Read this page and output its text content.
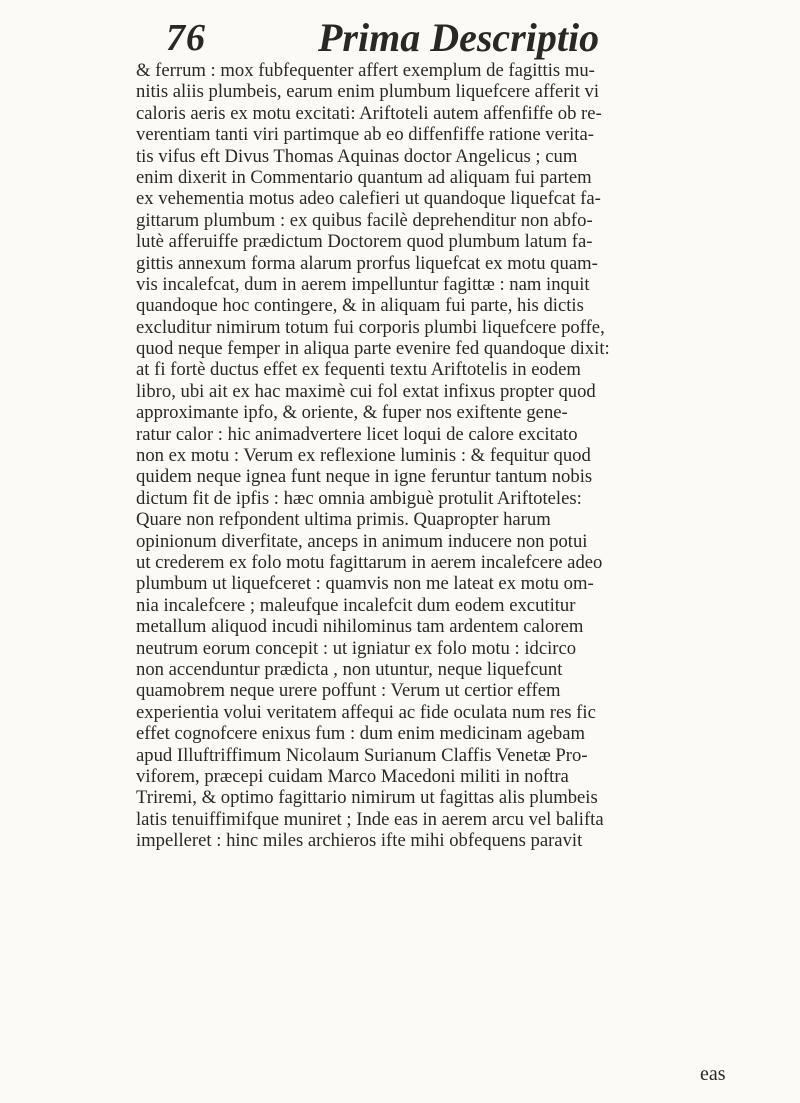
76	Prima Descriptio
& ferrum : mox fubfequenter affert exemplum de fagittis mu-
nitis aliis plumbeis, earum enim plumbum liquefcere afferit vi
caloris aeris ex motu excitati: Ariftoteli autem affenfiffe ob re-
verentiam tanti viri partimque ab eo diffenfiffe ratione verita-
tis vifus eft Divus Thomas Aquinas doctor Angelicus ; cum
enim dixerit in Commentario quantum ad aliquam fui partem
ex vehementia motus adeo calefieri ut quandoque liquefcat fa-
gittarum plumbum : ex quibus facilè deprehenditur non abfo-
lutè afferuiffe prædictum Doctorem quod plumbum latum fa-
gittis annexum forma alarum prorfus liquefcat ex motu quam-
vis incalefcat, dum in aerem impelluntur fagittæ : nam inquit
quandoque hoc contingere, & in aliquam fui parte, his dictis
excluditur nimirum totum fui corporis plumbi liquefcere poffe,
quod neque femper in aliqua parte evenire fed quandoque dixit:
at fi fortè ductus effet ex fequenti textu Ariftotelis in eodem
libro, ubi ait ex hac maximè cui fol extat infixus propter quod
approximante ipfo, & oriente, & fuper nos exiftente gene-
ratur calor : hic animadvertere licet loqui de calore excitato
non ex motu : Verum ex reflexione luminis : & fequitur quod
quidem neque ignea funt neque in igne feruntur tantum nobis
dictum fit de ipfis : hæc omnia ambiguè protulit Ariftoteles:
Quare non refpondent ultima primis. Quapropter harum
opinionum diverfitate, anceps in animum inducere non potui
ut crederem ex folo motu fagittarum in aerem incalefcere adeo
plumbum ut liquefceret : quamvis non me lateat ex motu om-
nia incalefcere ; maleufque incalefcit dum eodem excutitur
metallum aliquod incudi nihilominus tam ardentem calorem
neutrum eorum concepit : ut igniatur ex folo motu : idcirco
non accenduntur prædicta , non utuntur, neque liquefcunt
quamobrem neque urere poffunt : Verum ut certior effem
experientia volui veritatem affequi ac fide oculata num res fic
effet cognofcere enixus fum : dum enim medicinam agebam
apud Illuftriffimum Nicolaum Surianum Claffis Venetæ Pro-
viforem, præcepi cuidam Marco Macedoni militi in noftra
Triremi, & optimo fagittario nimirum ut fagittas alis plumbeis
latis tenuiffimifque muniret ; Inde eas in aerem arcu vel balifta
impelleret : hinc miles archieros ifte mihi obfequens paravit
eas
